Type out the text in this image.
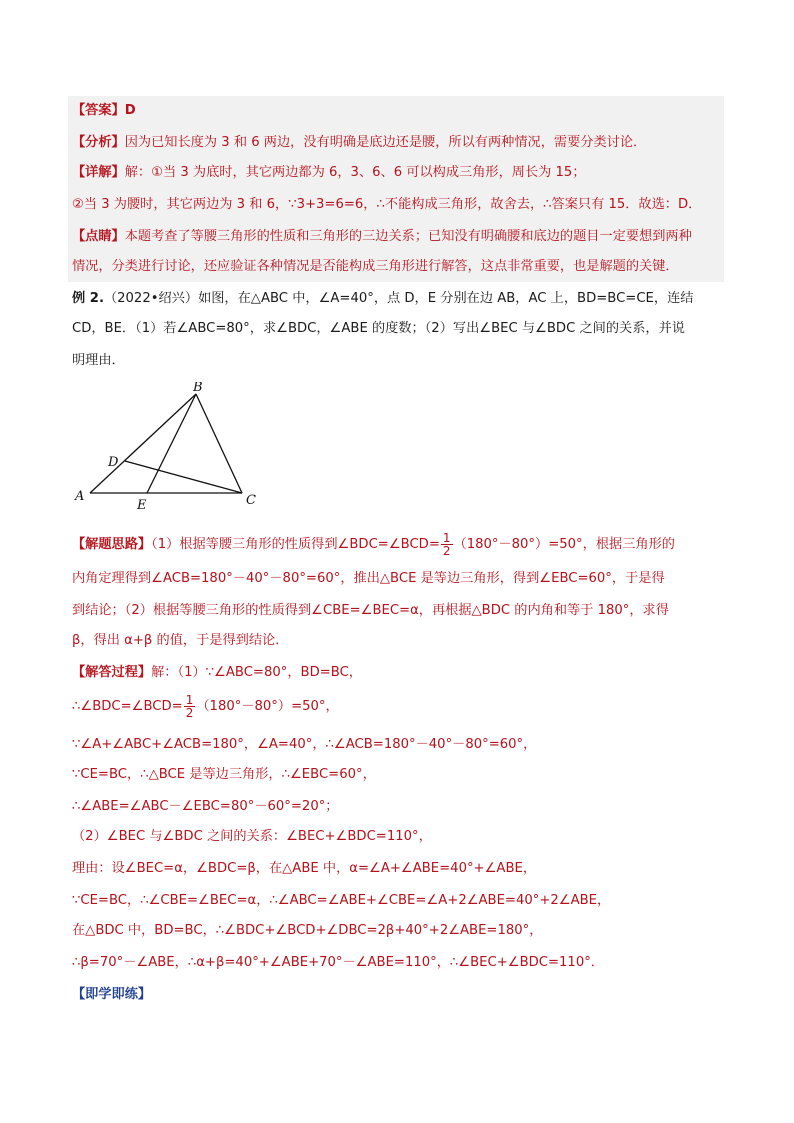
【答案】D
【分析】因为已知长度为 3 和 6 两边，没有明确是底边还是腰，所以有两种情况，需要分类讨论．
【详解】解：①当 3 为底时，其它两边都为 6，3、6、6 可以构成三角形，周长为 15；
②当 3 为腰时，其它两边为 3 和 6，∵3+3=6=6，∴不能构成三角形，故舍去，∴答案只有 15．故选：D．
【点睛】本题考查了等腰三角形的性质和三角形的三边关系；已知没有明确腰和底边的题目一定要想到两种
情况，分类进行讨论，还应验证各种情况是否能构成三角形进行解答，这点非常重要，也是解题的关键．
例 2.（2022•绍兴）如图，在△ABC 中，∠A=40°，点 D，E 分别在边 AB，AC 上，BD=BC=CE，连结
CD，BE．（1）若∠ABC=80°，求∠BDC，∠ABE 的度数；（2）写出∠BEC 与∠BDC 之间的关系，并说
明理由．
B
D
A
E	C
【解题思路】（1）根据等腰三角形的性质得到∠BDC=∠BCD= $\frac{1}{2} (180^\circ-80^\circ)=50^\circ$，根据三角形的
内角定理得到∠ACB=180°－40°－80°=60°，推出△BCE 是等边三角形，得到∠EBC=60°，于是得
到结论；（2）根据等腰三角形的性质得到∠CBE=∠BEC=α，再根据△BDC 的内角和等于 180°，求得
β，得出 α+β 的值，于是得到结论．
【解答过程】解：（1）∵∠ABC=80°，BD=BC，
∴∠BDC=∠BCD= $\frac{1}{2} (180^\circ-80^\circ)=50^\circ$，
∵∠A+∠ABC+∠ACB=180°，∠A=40°，∴∠ACB=180°－40°－80°=60°，
∵CE=BC，∴△BCE 是等边三角形，∴∠EBC=60°，
∴∠ABE=∠ABC－∠EBC=80°－60°=20°；
（2）∠BEC 与∠BDC 之间的关系：∠BEC+∠BDC=110°，
理由：设∠BEC=α，∠BDC=β，在△ABE 中，α=∠A+∠ABE=40°+∠ABE，
∵CE=BC，∴∠CBE=∠BEC=α，∴∠ABC=∠ABE+∠CBE=∠A+2∠ABE=40°+2∠ABE，
在△BDC 中，BD=BC，∴∠BDC+∠BCD+∠DBC=2β+40°+2∠ABE=180°，
∴β=70°－∠ABE，∴α+β=40°+∠ABE+70°－∠ABE=110°，∴∠BEC+∠BDC=110°．
【即学即练】
